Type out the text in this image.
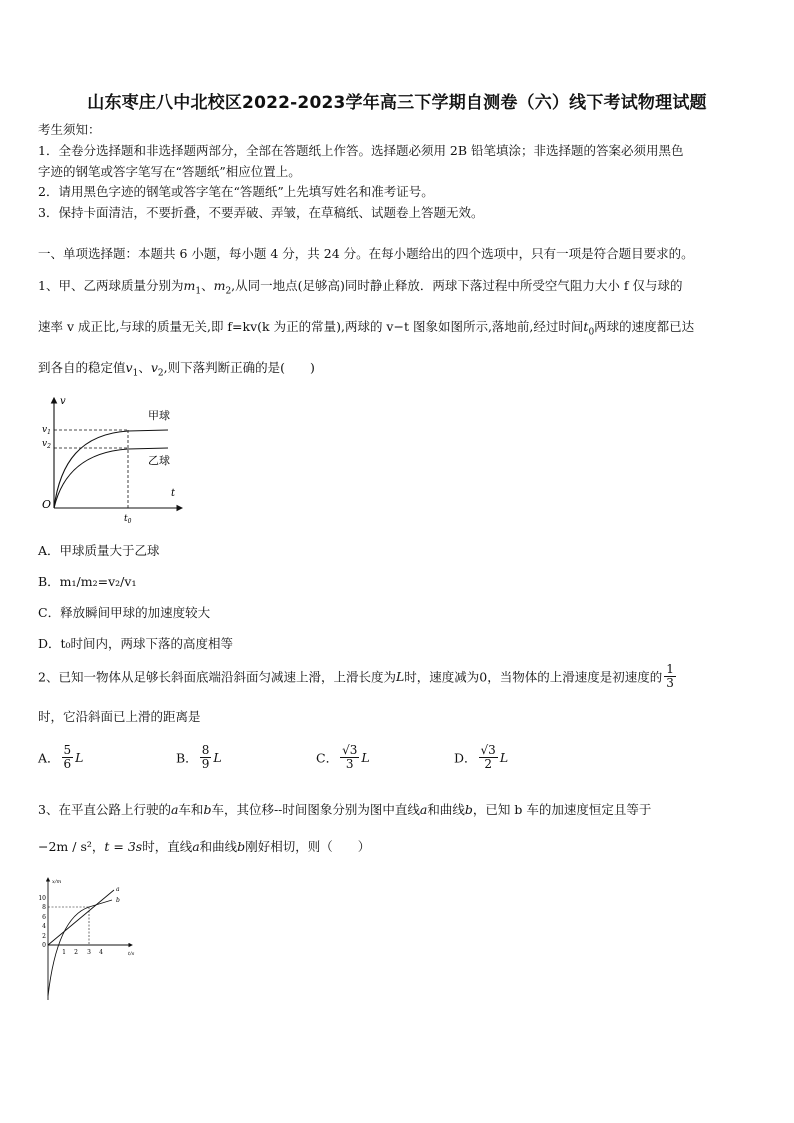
山东枣庄八中北校区2022-2023学年高三下学期自测卷（六）线下考试物理试题
考生须知：
1．全卷分选择题和非选择题两部分，全部在答题纸上作答。选择题必须用 2B 铅笔填涂；非选择题的答案必须用黑色
字迹的钢笔或答字笔写在“答题纸”相应位置上。
2．请用黑色字迹的钢笔或答字笔在“答题纸”上先填写姓名和准考证号。
3．保持卡面清洁，不要折叠，不要弄破、弄皱，在草稿纸、试题卷上答题无效。
一、单项选择题：本题共 6 小题，每小题 4 分，共 24 分。在每小题给出的四个选项中，只有一项是符合题目要求的。
1、甲、乙两球质量分别为$m_1$、$m_2$,从同一地点(足够高)同时静止释放．两球下落过程中所受空气阻力大小 f 仅与球的
速率 v 成正比,与球的质量无关,即 f=kv(k 为正的常量),两球的 v−t 图象如图所示,落地前,经过时间$t_0$两球的速度都已达
到各自的稳定值$v_1$、$v_2$,则下落判断正确的是(　　)
v
t
O
$v_1$
$v_2$
甲球
乙球
$t_0$
A．甲球质量大于乙球
B．m₁/m₂=v₂/v₁
C．释放瞬间甲球的加速度较大
D．t₀时间内，两球下落的高度相等
2、已知一物体从足够长斜面底端沿斜面匀减速上滑，上滑长度为L时，速度减为0，当物体的上滑速度是初速度的 $\frac{1}{3}$
时，它沿斜面已上滑的距离是
A． $\frac{5}{6}$ L	B． $\frac{8}{9}$ L	C． $\frac{√3}{3}$ L	D． $\frac{√3}{2}$ L
3、在平直公路上行驶的a车和b车，其位移--时间图象分别为图中直线a和曲线b，已知 b 车的加速度恒定且等于
−2m / s²，t = 3s时，直线a和曲线b刚好相切，则（　　）
x/m
t/s
10
8
6
4
2
0
1 2 3 4
a
b
